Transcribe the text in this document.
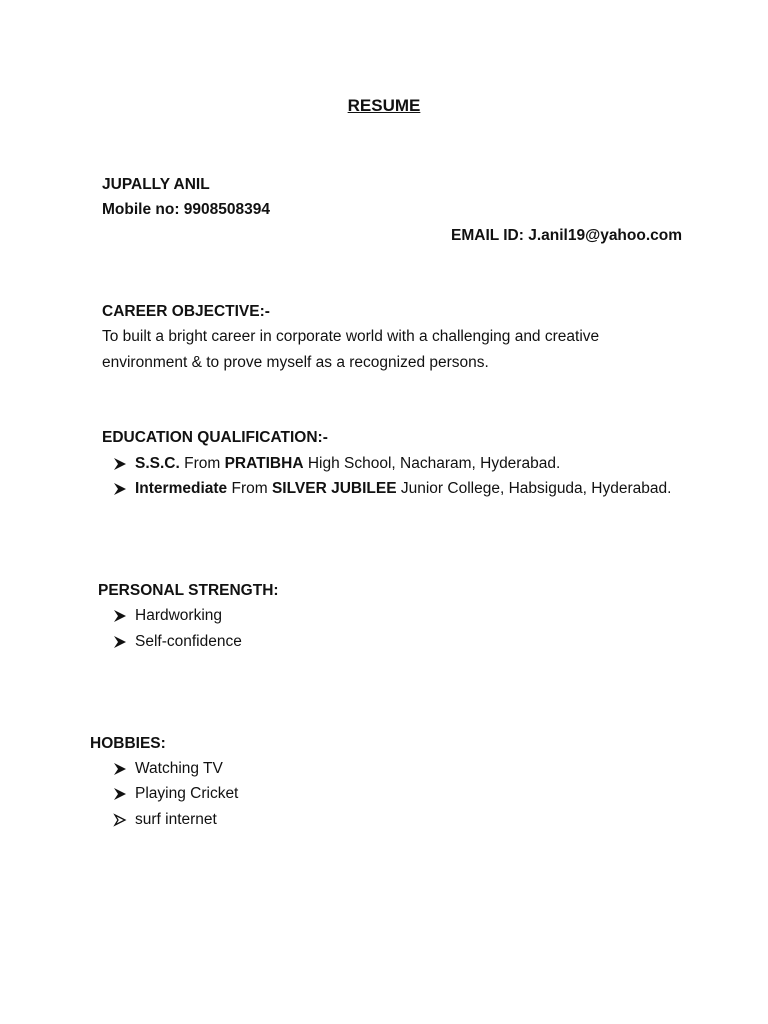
RESUME
JUPALLY ANIL
Mobile no: 9908508394
EMAIL ID: J.anil19@yahoo.com
CAREER OBJECTIVE:-
To built a bright career in corporate world with a challenging and creative
environment & to prove myself as a recognized persons.
EDUCATION QUALIFICATION:-
S.S.C. From PRATIBHA High School, Nacharam, Hyderabad.
Intermediate From SILVER JUBILEE Junior College, Habsiguda, Hyderabad.
PERSONAL STRENGTH:
Hardworking
Self-confidence
HOBBIES:
Watching TV
Playing Cricket
surf internet
